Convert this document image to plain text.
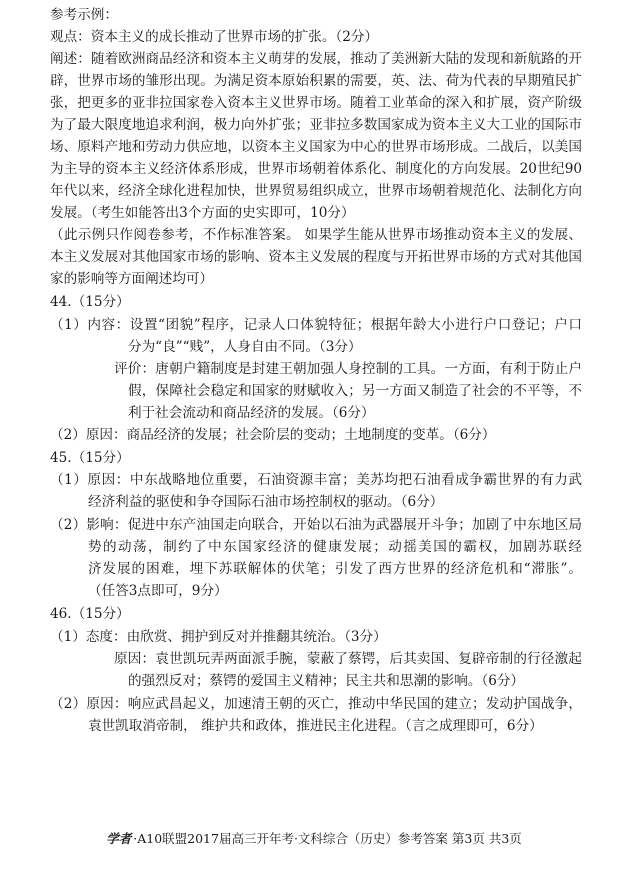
参考示例：
观点：资本主义的成长推动了世界市场的扩张。（2分）
阐述：随着欧洲商品经济和资本主义萌芽的发展，推动了美洲新大陆的发现和新航路的开
辟，世界市场的雏形出现。为满足资本原始积累的需要，英、法、荷为代表的早期殖民扩
张，把更多的亚非拉国家卷入资本主义世界市场。随着工业革命的深入和扩展，资产阶级
为了最大限度地追求利润，极力向外扩张；亚非拉多数国家成为资本主义大工业的国际市
场、原料产地和劳动力供应地，以资本主义国家为中心的世界市场形成。二战后，以美国
为主导的资本主义经济体系形成，世界市场朝着体系化、制度化的方向发展。20世纪90
年代以来，经济全球化进程加快，世界贸易组织成立，世界市场朝着规范化、法制化方向
发展。（考生如能答出3个方面的史实即可，10分）
（此示例只作阅卷参考，不作标准答案。 如果学生能从世界市场推动资本主义的发展、
本主义发展对其他国家市场的影响、资本主义发展的程度与开拓世界市场的方式对其他国
家的影响等方面阐述均可）
44.（15分）
（1）内容：设置“团貌”程序，记录人口体貌特征；根据年龄大小进行户口登记；户口
分为“良”“贱”，人身自由不同。（3分）
评价：唐朝户籍制度是封建王朝加强人身控制的工具。一方面，有利于防止户
假，保障社会稳定和国家的财赋收入；另一方面又制造了社会的不平等，不
利于社会流动和商品经济的发展。（6分）
（2）原因：商品经济的发展；社会阶层的变动；土地制度的变革。（6分）
45.（15分）
（1）原因：中东战略地位重要，石油资源丰富；美苏均把石油看成争霸世界的有力武
经济利益的驱使和争夺国际石油市场控制权的驱动。（6分）
（2）影响：促进中东产油国走向联合，开始以石油为武器展开斗争；加剧了中东地区局
势的动荡，制约了中东国家经济的健康发展；动摇美国的霸权，加剧苏联经
济发展的困难，埋下苏联解体的伏笔；引发了西方世界的经济危机和“滞胀”。
（任答3点即可，9分）
46.（15分）
（1）态度：由欣赏、拥护到反对并推翻其统治。（3分）
原因：袁世凯玩弄两面派手腕，蒙蔽了蔡锷，后其卖国、复辟帝制的行径激起
的强烈反对；蔡锷的爱国主义精神；民主共和思潮的影响。（6分）
（2）原因：响应武昌起义，加速清王朝的灭亡，推动中华民国的建立；发动护国战争，
袁世凯取消帝制， 维护共和政体，推进民主化进程。（言之成理即可，6分）
学者 ·A10联盟2017届高三开年考·文科综合（历史）参考答案 第3页 共3页
